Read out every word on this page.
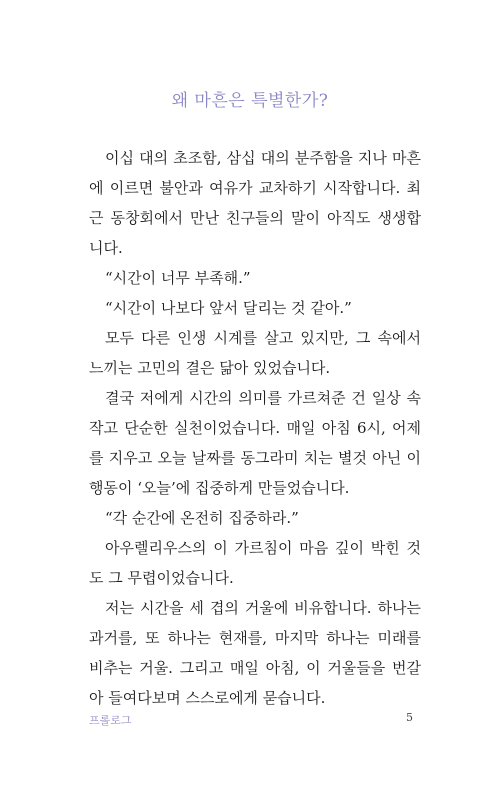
왜 마흔은 특별한가?

이십 대의 초조함, 삼십 대의 분주함을 지나 마흔에 이르면 불안과 여유가 교차하기 시작합니다. 최근 동창회에서 만난 친구들의 말이 아직도 생생합니다.

“시간이 너무 부족해.”

“시간이 나보다 앞서 달리는 것 같아.”

모두 다른 인생 시계를 살고 있지만, 그 속에서 느끼는 고민의 결은 닮아 있었습니다.

결국 저에게 시간의 의미를 가르쳐준 건 일상 속 작고 단순한 실천이었습니다. 매일 아침 6시, 어제를 지우고 오늘 날짜를 동그라미 치는 별것 아닌 이 행동이 ‘오늘’에 집중하게 만들었습니다.

“각 순간에 온전히 집중하라.”

아우렐리우스의 이 가르침이 마음 깊이 박힌 것도 그 무렵이었습니다.

저는 시간을 세 겹의 거울에 비유합니다. 하나는 과거를, 또 하나는 현재를, 마지막 하나는 미래를 비추는 거울. 그리고 매일 아침, 이 거울들을 번갈아 들여다보며 스스로에게 묻습니다.

프롤로그	5
